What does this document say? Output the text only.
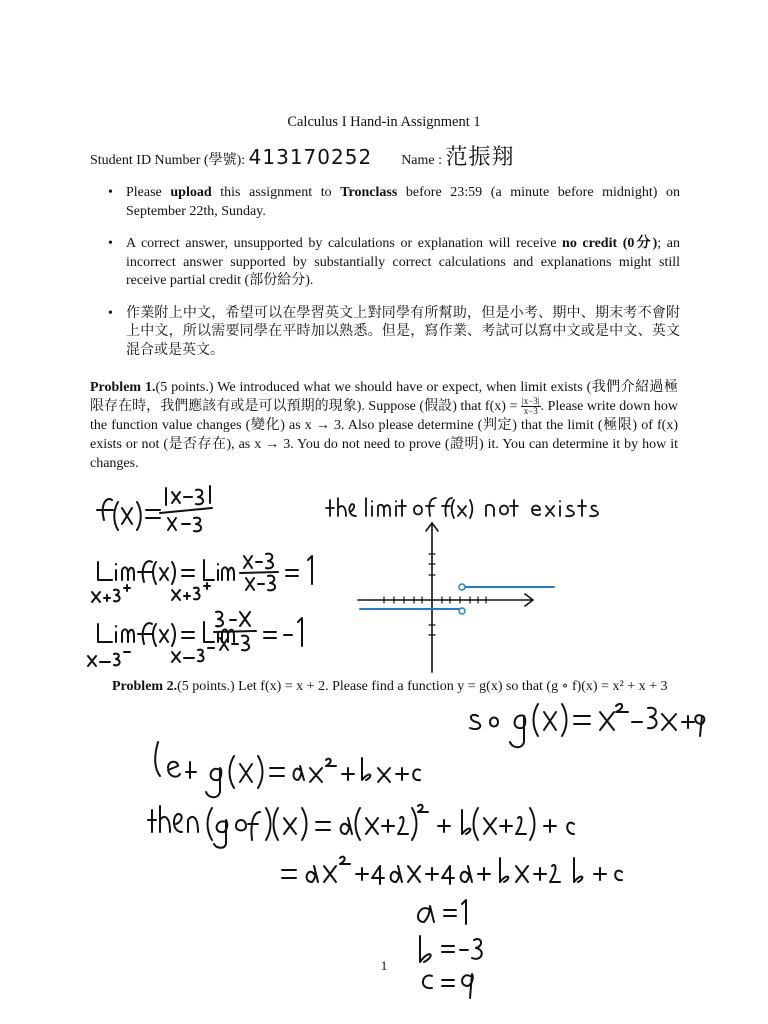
Calculus I Hand-in Assignment 1
Student ID Number (學號): 413170252 Name : 范振翔
• Please upload this assignment to Tronclass before 23:59 (a minute before midnight) on September 22th, Sunday.
• A correct answer, unsupported by calculations or explanation will receive no credit (0分); an incorrect answer supported by substantially correct calculations and explanations might still receive partial credit (部份給分).
• 作業附上中文，希望可以在學習英文上對同學有所幫助，但是小考、期中、期末考不會附上中文，所以需要同學在平時加以熟悉。但是，寫作業、考試可以寫中文或是中文、英文混合或是英文。
Problem 1.(5 points.) We introduced what we should have or expect, when limit exists (我們介紹過極限存在時，我們應該有或是可以預期的現象). Suppose (假設) that $f(x) = \frac{|x-3|}{x-3}$ . Please write down how the function value changes (變化) as x → 3. Also please determine (判定) that the limit (極限) of f(x) exists or not (是否存在), as x → 3. You do not need to prove (證明) it. You can determine it by how it changes.
Problem 2.(5 points.) Let f(x) = x + 2. Please find a function y = g(x) so that (g ∘ f)(x) = x² + x + 3
1
